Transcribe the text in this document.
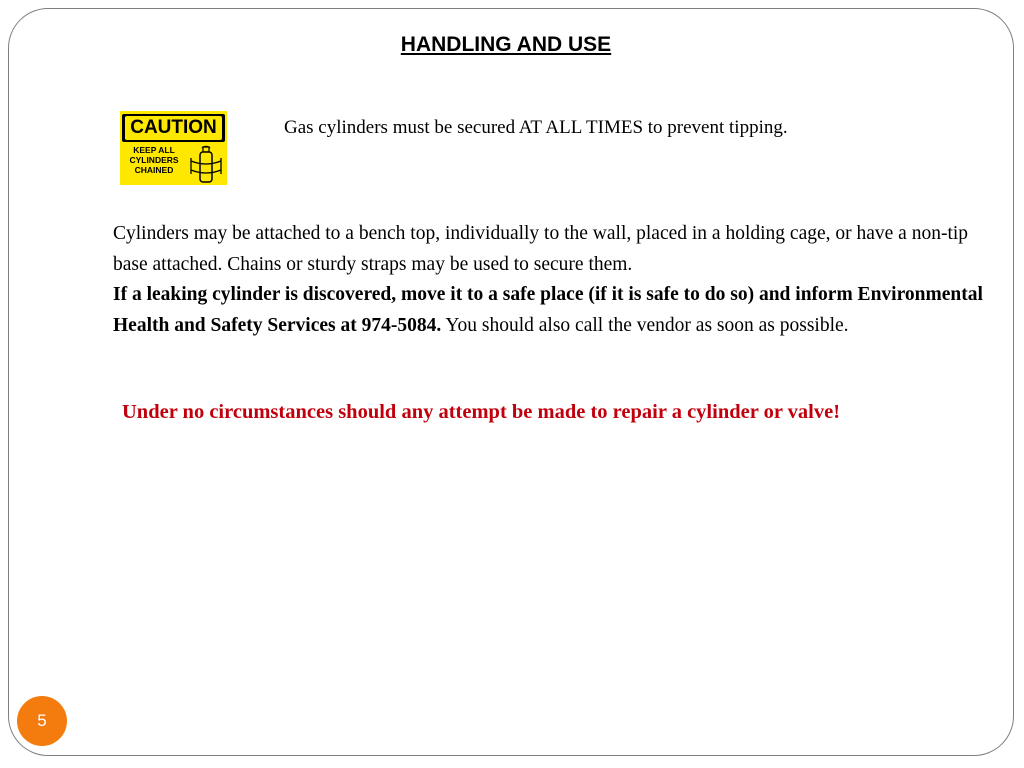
HANDLING AND USE
CAUTION
KEEP ALL
CYLINDERS
CHAINED

Gas cylinders must be secured AT ALL TIMES to prevent tipping.

Cylinders may be attached to a bench top, individually to the wall, placed in a holding cage, or have a non-tip base attached. Chains or sturdy straps may be used to secure them.
If a leaking cylinder is discovered, move it to a safe place (if it is safe to do so) and inform Environmental Health and Safety Services at 974-5084. You should also call the vendor as soon as possible.

Under no circumstances should any attempt be made to repair a cylinder or valve!

5
